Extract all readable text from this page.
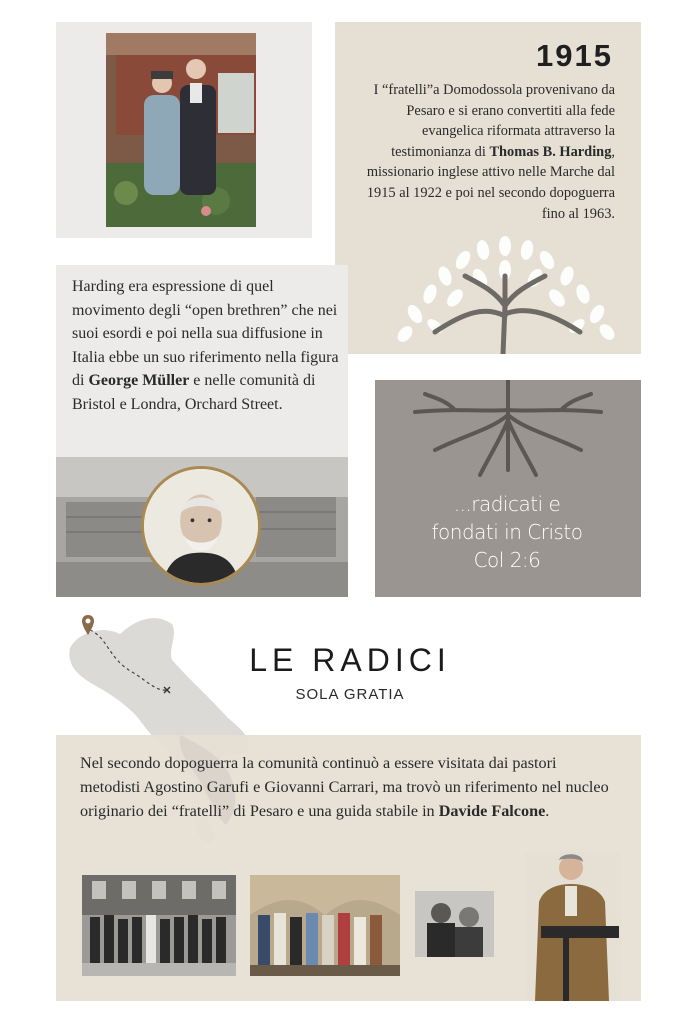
1915
I “fratelli”a Domodossola provenivano da Pesaro e si erano convertiti alla fede evangelica riformata attraverso la testimonianza di Thomas B. Harding, missionario inglese attivo nelle Marche dal 1915 al 1922 e poi nel secondo dopoguerra fino al 1963.
Harding era espressione di quel movimento degli “open brethren” che nei suoi esordi e poi nella sua diffusione in Italia ebbe un suo riferimento nella figura di George Müller e nelle comunità di Bristol e Londra, Orchard Street.
...radicati e
fondati in Cristo
Col 2:6
LE RADICI
SOLA GRATIA
Nel secondo dopoguerra la comunità continuò a essere visitata dai pastori metodisti Agostino Garufi e Giovanni Carrari, ma trovò un riferimento nel nucleo originario dei “fratelli” di Pesaro e una guida stabile in Davide Falcone.
